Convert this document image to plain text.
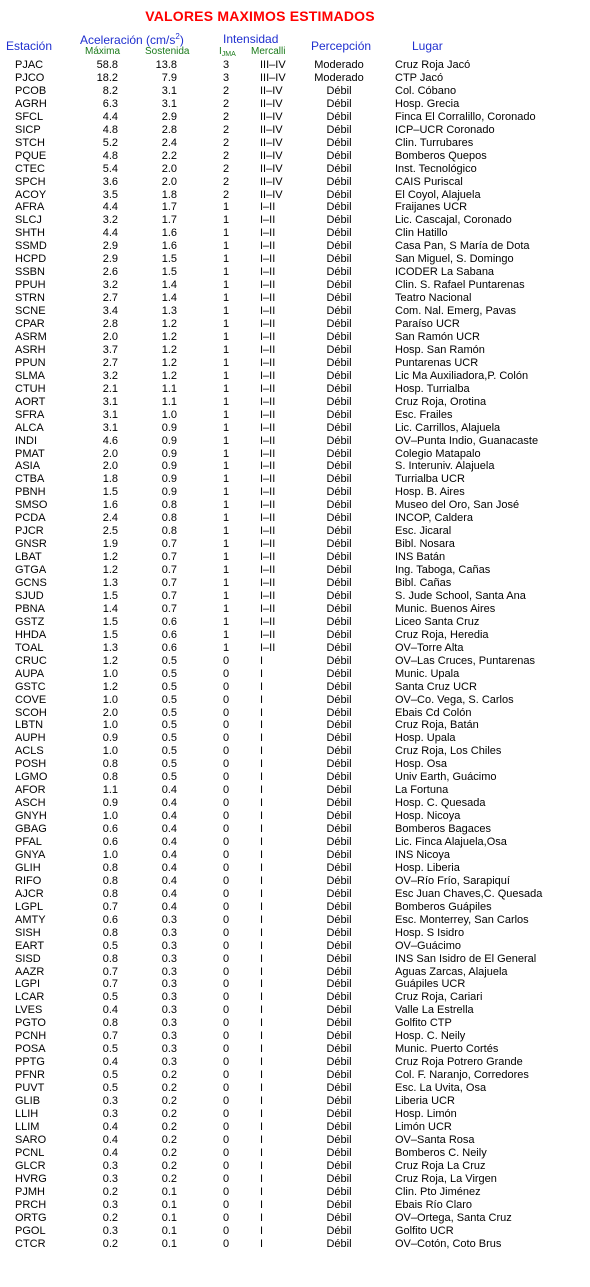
VALORES MAXIMOS ESTIMADOS
Estación Aceleración $(cm/s^2)$
Máxima Sostenida
Intensidad
$I_{JMA}$ Mercalli Percepción	Lugar
PJAC	58.8	13.8	3	III–IV	Moderado	Cruz Roja Jacó
PJCO	18.2	7.9	3	III–IV	Moderado	CTP Jacó
PCOB	8.2	3.1	2	II–IV	Débil	Col. Cóbano
AGRH	6.3	3.1	2	II–IV	Débil	Hosp. Grecia
SFCL	4.4	2.9	2	II–IV	Débil	Finca El Corralillo, Coronado
SICP	4.8	2.8	2	II–IV	Débil	ICP–UCR Coronado
STCH	5.2	2.4	2	II–IV	Débil	Clin. Turrubares
PQUE	4.8	2.2	2	II–IV	Débil	Bomberos Quepos
CTEC	5.4	2.0	2	II–IV	Débil	Inst. Tecnológico
SPCH	3.6	2.0	2	II–IV	Débil	CAIS Puriscal
ACOY	3.5	1.8	2	II–IV	Débil	El Coyol, Alajuela
AFRA	4.4	1.7	1	I–II	Débil	Fraijanes UCR
SLCJ	3.2	1.7	1	I–II	Débil	Lic. Cascajal, Coronado
SHTH	4.4	1.6	1	I–II	Débil	Clin Hatillo
SSMD	2.9	1.6	1	I–II	Débil	Casa Pan, S María de Dota
HCPD	2.9	1.5	1	I–II	Débil	San Miguel, S. Domingo
SSBN	2.6	1.5	1	I–II	Débil	ICODER La Sabana
PPUH	3.2	1.4	1	I–II	Débil	Clin. S. Rafael Puntarenas
STRN	2.7	1.4	1	I–II	Débil	Teatro Nacional
SCNE	3.4	1.3	1	I–II	Débil	Com. Nal. Emerg, Pavas
CPAR	2.8	1.2	1	I–II	Débil	Paraíso UCR
ASRM	2.0	1.2	1	I–II	Débil	San Ramón UCR
ASRH	3.7	1.2	1	I–II	Débil	Hosp. San Ramón
PPUN	2.7	1.2	1	I–II	Débil	Puntarenas UCR
SLMA	3.2	1.2	1	I–II	Débil	Lic Ma Auxiliadora,P. Colón
CTUH	2.1	1.1	1	I–II	Débil	Hosp. Turrialba
AORT	3.1	1.1	1	I–II	Débil	Cruz Roja, Orotina
SFRA	3.1	1.0	1	I–II	Débil	Esc. Frailes
ALCA	3.1	0.9	1	I–II	Débil	Lic. Carrillos, Alajuela
INDI	4.6	0.9	1	I–II	Débil	OV–Punta Indio, Guanacaste
PMAT	2.0	0.9	1	I–II	Débil	Colegio Matapalo
ASIA	2.0	0.9	1	I–II	Débil	S. Interuniv. Alajuela
CTBA	1.8	0.9	1	I–II	Débil	Turrialba UCR
PBNH	1.5	0.9	1	I–II	Débil	Hosp. B. Aires
SMSO	1.6	0.8	1	I–II	Débil	Museo del Oro, San José
PCDA	2.4	0.8	1	I–II	Débil	INCOP, Caldera
PJCR	2.5	0.8	1	I–II	Débil	Esc. Jicaral
GNSR	1.9	0.7	1	I–II	Débil	Bibl. Nosara
LBAT	1.2	0.7	1	I–II	Débil	INS Batán
GTGA	1.2	0.7	1	I–II	Débil	Ing. Taboga, Cañas
GCNS	1.3	0.7	1	I–II	Débil	Bibl. Cañas
SJUD	1.5	0.7	1	I–II	Débil	S. Jude School, Santa Ana
PBNA	1.4	0.7	1	I–II	Débil	Munic. Buenos Aires
GSTZ	1.5	0.6	1	I–II	Débil	Liceo Santa Cruz
HHDA	1.5	0.6	1	I–II	Débil	Cruz Roja, Heredia
TOAL	1.3	0.6	1	I–II	Débil	OV–Torre Alta
CRUC	1.2	0.5	0	I	Débil	OV–Las Cruces, Puntarenas
AUPA	1.0	0.5	0	I	Débil	Munic. Upala
GSTC	1.2	0.5	0	I	Débil	Santa Cruz UCR
COVE	1.0	0.5	0	I	Débil	OV–Co. Vega, S. Carlos
SCOH	2.0	0.5	0	I	Débil	Ebais Cd Colón
LBTN	1.0	0.5	0	I	Débil	Cruz Roja, Batán
AUPH	0.9	0.5	0	I	Débil	Hosp. Upala
ACLS	1.0	0.5	0	I	Débil	Cruz Roja, Los Chiles
POSH	0.8	0.5	0	I	Débil	Hosp. Osa
LGMO	0.8	0.5	0	I	Débil	Univ Earth, Guácimo
AFOR	1.1	0.4	0	I	Débil	La Fortuna
ASCH	0.9	0.4	0	I	Débil	Hosp. C. Quesada
GNYH	1.0	0.4	0	I	Débil	Hosp. Nicoya
GBAG	0.6	0.4	0	I	Débil	Bomberos Bagaces
PFAL	0.6	0.4	0	I	Débil	Lic. Finca Alajuela,Osa
GNYA	1.0	0.4	0	I	Débil	INS Nicoya
GLIH	0.8	0.4	0	I	Débil	Hosp. Liberia
RIFO	0.8	0.4	0	I	Débil	OV–Río Frío, Sarapiquí
AJCR	0.8	0.4	0	I	Débil	Esc Juan Chaves,C. Quesada
LGPL	0.7	0.4	0	I	Débil	Bomberos Guápiles
AMTY	0.6	0.3	0	I	Débil	Esc. Monterrey, San Carlos
SISH	0.8	0.3	0	I	Débil	Hosp. S Isidro
EART	0.5	0.3	0	I	Débil	OV–Guácimo
SISD	0.8	0.3	0	I	Débil	INS San Isidro de El General
AAZR	0.7	0.3	0	I	Débil	Aguas Zarcas, Alajuela
LGPI	0.7	0.3	0	I	Débil	Guápiles UCR
LCAR	0.5	0.3	0	I	Débil	Cruz Roja, Cariari
LVES	0.4	0.3	0	I	Débil	Valle La Estrella
PGTO	0.8	0.3	0	I	Débil	Golfito CTP
PCNH	0.7	0.3	0	I	Débil	Hosp. C. Neily
POSA	0.5	0.3	0	I	Débil	Munic. Puerto Cortés
PPTG	0.4	0.3	0	I	Débil	Cruz Roja Potrero Grande
PFNR	0.5	0.2	0	I	Débil	Col. F. Naranjo, Corredores
PUVT	0.5	0.2	0	I	Débil	Esc. La Uvita, Osa
GLIB	0.3	0.2	0	I	Débil	Liberia UCR
LLIH	0.3	0.2	0	I	Débil	Hosp. Limón
LLIM	0.4	0.2	0	I	Débil	Limón UCR
SARO	0.4	0.2	0	I	Débil	OV–Santa Rosa
PCNL	0.4	0.2	0	I	Débil	Bomberos C. Neily
GLCR	0.3	0.2	0	I	Débil	Cruz Roja La Cruz
HVRG	0.3	0.2	0	I	Débil	Cruz Roja, La Virgen
PJMH	0.2	0.1	0	I	Débil	Clin. Pto Jiménez
PRCH	0.3	0.1	0	I	Débil	Ebais Río Claro
ORTG	0.2	0.1	0	I	Débil	OV–Ortega, Santa Cruz
PGOL	0.3	0.1	0	I	Débil	Golfito UCR
CTCR	0.2	0.1	0	I	Débil	OV–Cotón, Coto Brus
